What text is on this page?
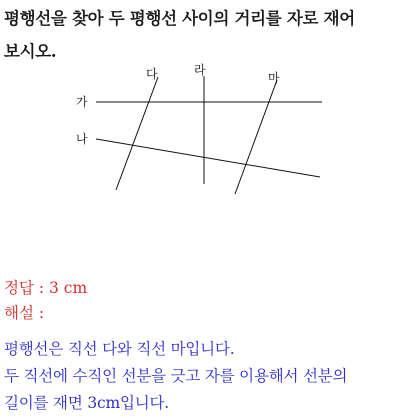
평행선을 찾아 두 평행선 사이의 거리를 자로 재어
보시오.
가
나
다	라
마
정답 : 3 cm
해설 :
평행선은 직선 다와 직선 마입니다.
두 직선에 수직인 선분을 긋고 자를 이용해서 선분의
길이를 재면 3cm입니다.
